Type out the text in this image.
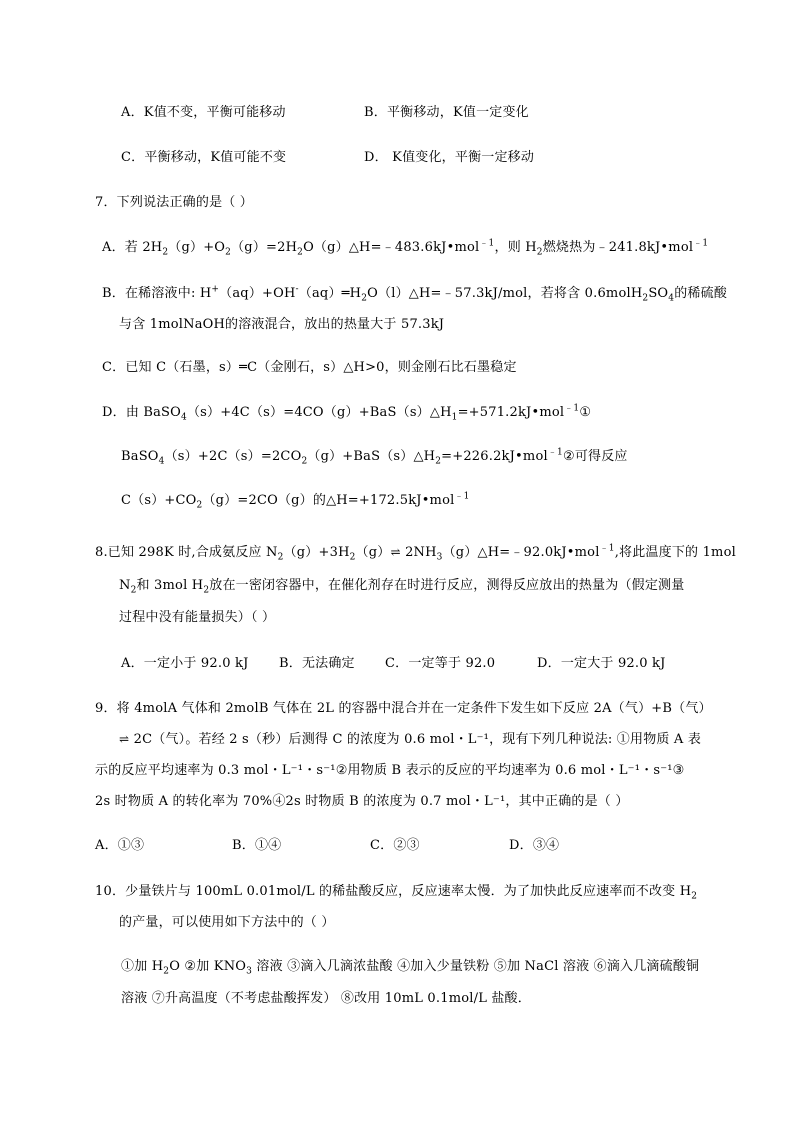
A．K值不变，平衡可能移动	B．平衡移动，K值一定变化
C．平衡移动，K值可能不变	D． K值变化，平衡一定移动
7．下列说法正确的是（ ）
A．若 $2H_2(g)+O_2(g)=2H_2O(g)\triangle H=﹣483.6kJ•mol^{﹣1}$，则 $H_2$燃烧热为﹣241.8kJ•mol$^{﹣1}$
B．在稀溶液中: $H^+(aq)+OH^-(aq)═H_2O(l)\triangle H=﹣57.3kJ$/mol，若将含 $0.6molH_2SO_4$的稀硫酸
与含 1molNaOH的溶液混合，放出的热量大于 57.3kJ
C．已知 C（石墨，s）═C（金刚石，s）△H>0，则金刚石比石墨稳定
D．由 $BaSO_4(s)+4C(s)=4CO(g)+BaS(s)\triangle H_1=+571.2kJ•mol^{﹣1}①$
$BaSO_4(s)+2C(s)=2CO_2(g)+BaS(s)\triangle H_2=+226.2kJ•mol^{﹣1}②$可得反应
$C(s)+CO_2(g)=2CO(g)$的△H=+172.5kJ•mol$^{﹣1}$
8.已知 298K 时,合成氨反应 $N_2(g)+3H_2(g)\rightleftharpoons$ $2NH_3(g)\triangle H=﹣92.0kJ•mol^{﹣1}$,将此温度下的 1mol
$N_2$和 3mol $H_2$放在一密闭容器中，在催化剂存在时进行反应，测得反应放出的热量为（假定测量
过程中没有能量损失）（ ）
A．一定小于 92.0 kJ B．无法确定 C．一定等于 92.0	D．一定大于 92.0 kJ
9．将 4molA 气体和 2molB 气体在 2L 的容器中混合并在一定条件下发生如下反应 2A（气）+B（气）
⇌ 2C（气）。若经 2 s（秒）后测得 C 的浓度为 0.6 mol・L⁻¹，现有下列几种说法: ①用物质 A 表
示的反应平均速率为 0.3 mol・L⁻¹・s⁻¹②用物质 B 表示的反应的平均速率为 0.6 mol・L⁻¹・s⁻¹③
2s 时物质 A 的转化率为 70%④2s 时物质 B 的浓度为 0.7 mol・L⁻¹，其中正确的是（ ）
A．①③	B．①④	C．②③	D．③④
10．少量铁片与 100mL 0.01mol/L 的稀盐酸反应，反应速率太慢．为了加快此反应速率而不改变 $H_2$
的产量，可以使用如下方法中的（ ）
①加 $H_2O$ ②加 $KNO_3$ 溶液 ③滴入几滴浓盐酸 ④加入少量铁粉 ⑤加 NaCl 溶液 ⑥滴入几滴硫酸铜
溶液 ⑦升高温度（不考虑盐酸挥发） ⑧改用 10mL 0.1mol/L 盐酸．
